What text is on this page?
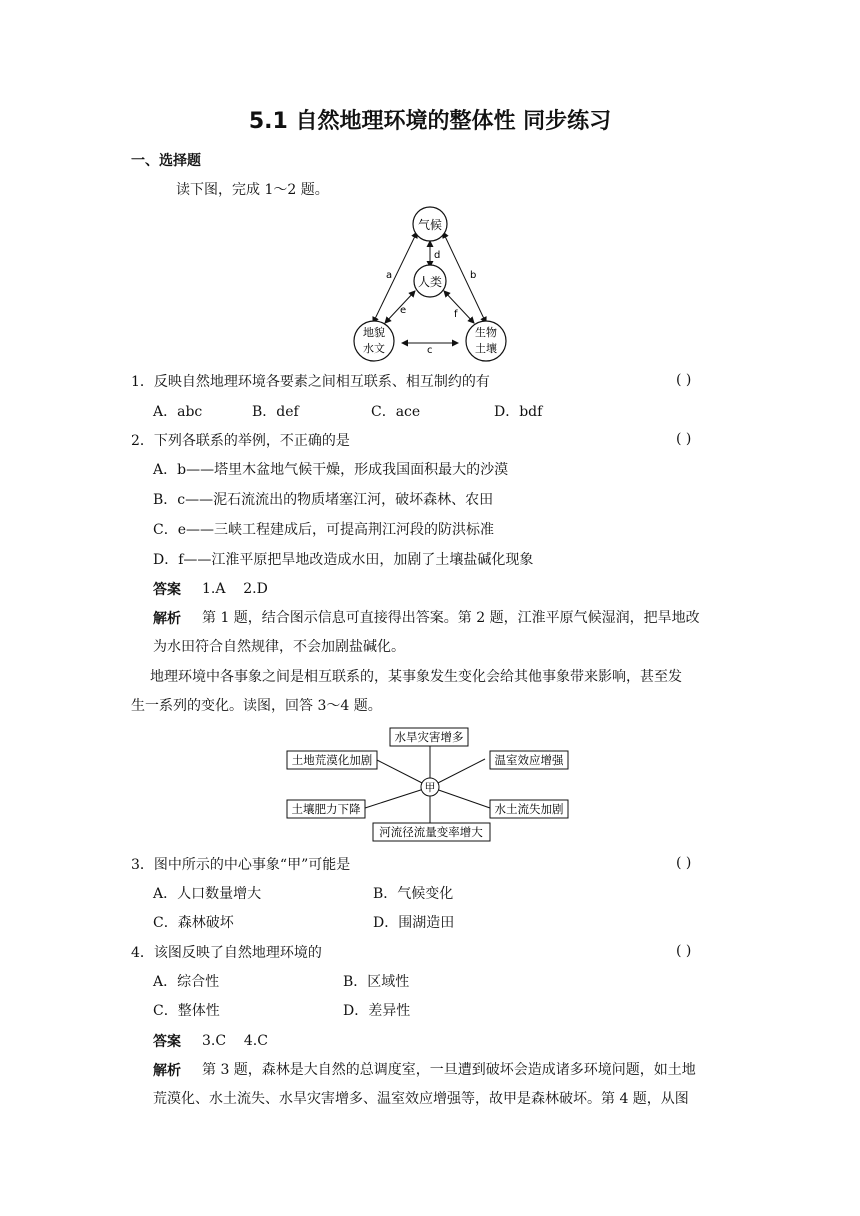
5.1 自然地理环境的整体性 同步练习
一、选择题
读下图，完成 1～2 题。
气候
人类
地貌
水文
生物
土壤
a	b
c
d
e	f
1．反映自然地理环境各要素之间相互联系、相互制约的有	( )
A．abc	B．def	C．ace	D．bdf
2．下列各联系的举例，不正确的是	( )
A．b——塔里木盆地气候干燥，形成我国面积最大的沙漠
B．c——泥石流流出的物质堵塞江河，破坏森林、农田
C．e——三峡工程建成后，可提高荆江河段的防洪标准
D．f——江淮平原把旱地改造成水田，加剧了土壤盐碱化现象
答案 1.A    2.D
解析 第 1 题，结合图示信息可直接得出答案。第 2 题，江淮平原气候湿润，把旱地改
为水田符合自然规律，不会加剧盐碱化。
地理环境中各事象之间是相互联系的，某事象发生变化会给其他事象带来影响，甚至发
生一系列的变化。读图，回答 3～4 题。
水旱灾害增多
土地荒漠化加剧	温室效应增强
土壤肥力下降	水土流失加剧
河流径流量变率增大
甲
3．图中所示的中心事象“甲”可能是	( )
A．人口数量增大	B．气候变化
C．森林破坏	D．围湖造田
4．该图反映了自然地理环境的	( )
A．综合性	B．区域性
C．整体性	D．差异性
答案 3.C    4.C
解析 第 3 题，森林是大自然的总调度室，一旦遭到破坏会造成诸多环境问题，如土地
荒漠化、水土流失、水旱灾害增多、温室效应增强等，故甲是森林破坏。第 4 题，从图
